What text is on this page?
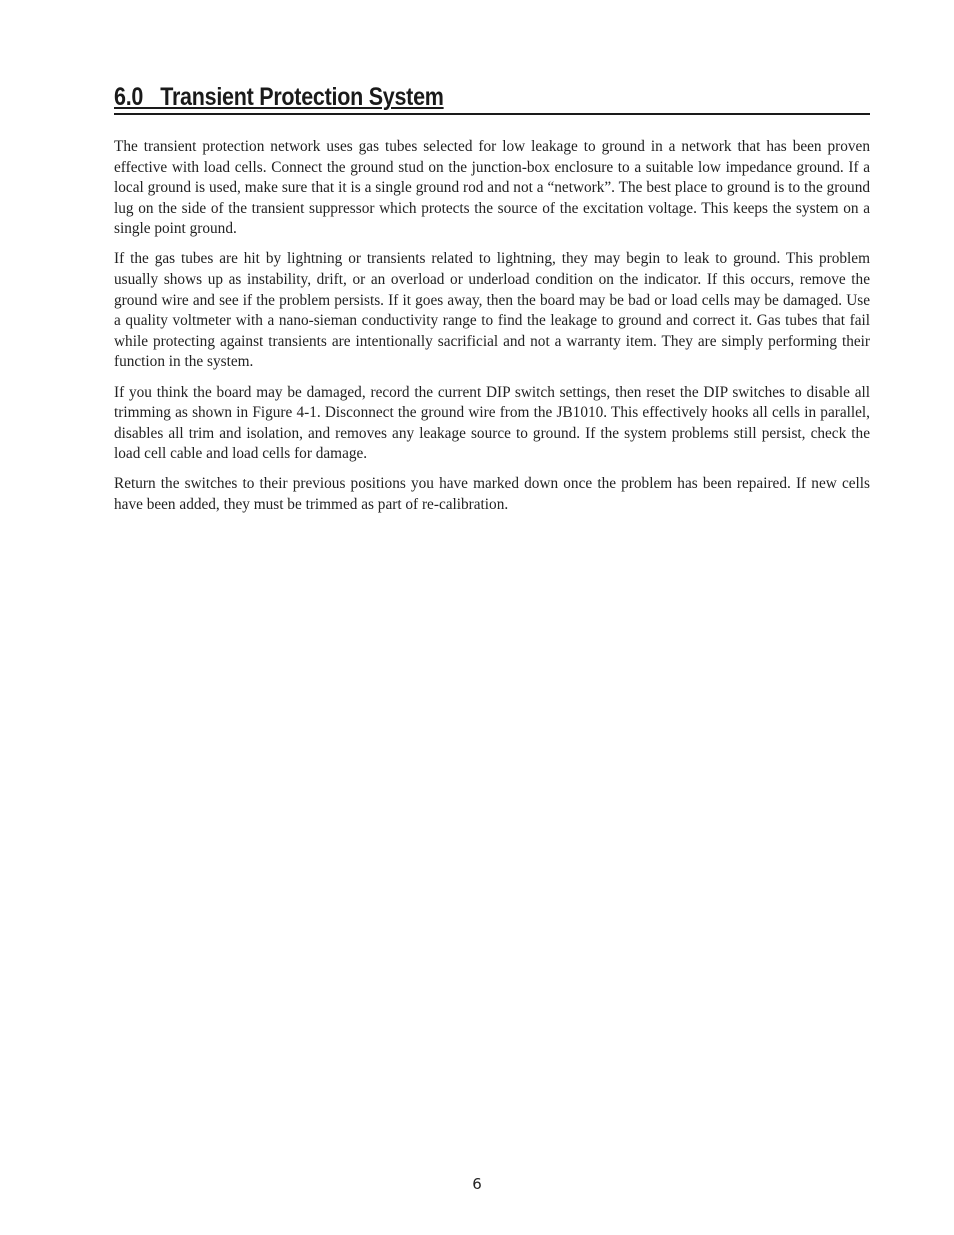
6.0   Transient Protection System

The transient protection network uses gas tubes selected for low leakage to ground in a network that has been proven effective with load cells. Connect the ground stud on the junction-box enclosure to a suitable low impedance ground. If a local ground is used, make sure that it is a single ground rod and not a “network”. The best place to ground is to the ground lug on the side of the transient suppressor which protects the source of the excitation voltage. This keeps the system on a single point ground.

If the gas tubes are hit by lightning or transients related to lightning, they may begin to leak to ground. This problem usually shows up as instability, drift, or an overload or underload condition on the indicator. If this occurs, remove the ground wire and see if the problem persists. If it goes away, then the board may be bad or load cells may be damaged. Use a quality voltmeter with a nano-sieman conductivity range to find the leakage to ground and correct it. Gas tubes that fail while protecting against transients are intentionally sacrificial and not a warranty item. They are simply performing their function in the system.

If you think the board may be damaged, record the current DIP switch settings, then reset the DIP switches to disable all trimming as shown in Figure 4-1. Disconnect the ground wire from the JB1010. This effectively hooks all cells in parallel, disables all trim and isolation, and removes any leakage source to ground. If the system problems still persist, check the load cell cable and load cells for damage.

Return the switches to their previous positions you have marked down once the problem has been repaired. If new cells have been added, they must be trimmed as part of re-calibration.

6
